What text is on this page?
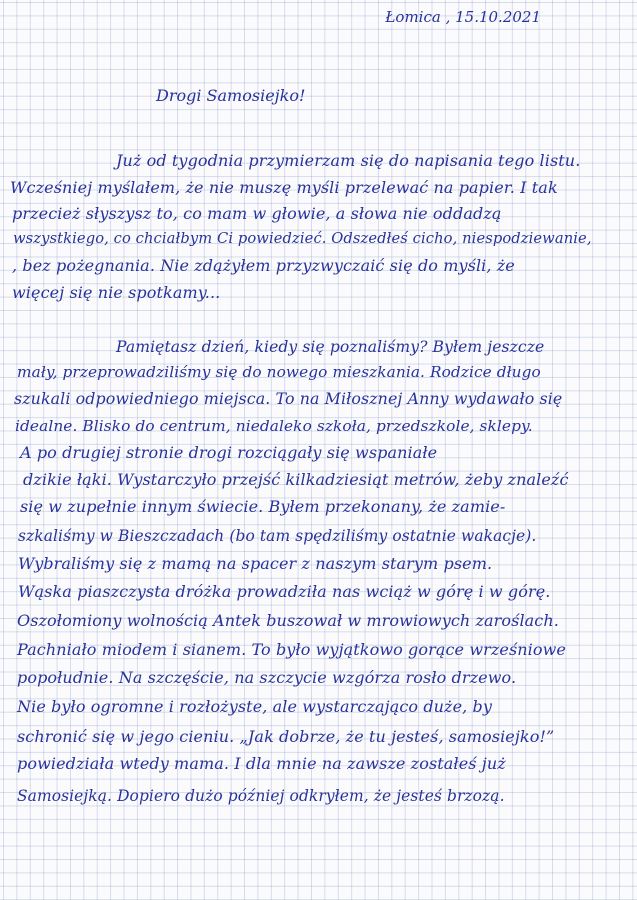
Łomica , 15.10.2021
Drogi Samosiejko!
Już od tygodnia przymierzam się do napisania tego listu.
Wcześniej myślałem, że nie muszę myśli przelewać na papier. I tak
przecież słyszysz to, co mam w głowie, a słowa nie oddadzą
wszystkiego, co chciałbym Ci powiedzieć. Odszedłeś cicho, niespodziewanie,
, bez pożegnania. Nie zdążyłem przyzwyczaić się do myśli, że
więcej się nie spotkamy...
Pamiętasz dzień, kiedy się poznaliśmy? Byłem jeszcze
mały, przeprowadziliśmy się do nowego mieszkania. Rodzice długo
szukali odpowiedniego miejsca. To na Miłosznej Anny wydawało się
idealne. Blisko do centrum, niedaleko szkoła, przedszkole, sklepy.
A po drugiej stronie drogi rozciągały się wspaniałe
dzikie łąki. Wystarczyło przejść kilkadziesiąt metrów, żeby znaleźć
się w zupełnie innym świecie. Byłem przekonany, że zamie-
szkaliśmy w Bieszczadach (bo tam spędziliśmy ostatnie wakacje).
Wybraliśmy się z mamą na spacer z naszym starym psem.
Wąska piaszczysta dróżka prowadziła nas wciąż w górę i w górę.
Oszołomiony wolnością Antek buszował w mrowiowych zaroślach.
Pachniało miodem i sianem. To było wyjątkowo gorące wrześniowe
popołudnie. Na szczęście, na szczycie wzgórza rosło drzewo.
Nie było ogromne i rozłożyste, ale wystarczająco duże, by
schronić się w jego cieniu. „Jak dobrze, że tu jesteś, samosiejko!”
powiedziała wtedy mama. I dla mnie na zawsze zostałeś już
Samosiejką. Dopiero dużo później odkryłem, że jesteś brzozą.
